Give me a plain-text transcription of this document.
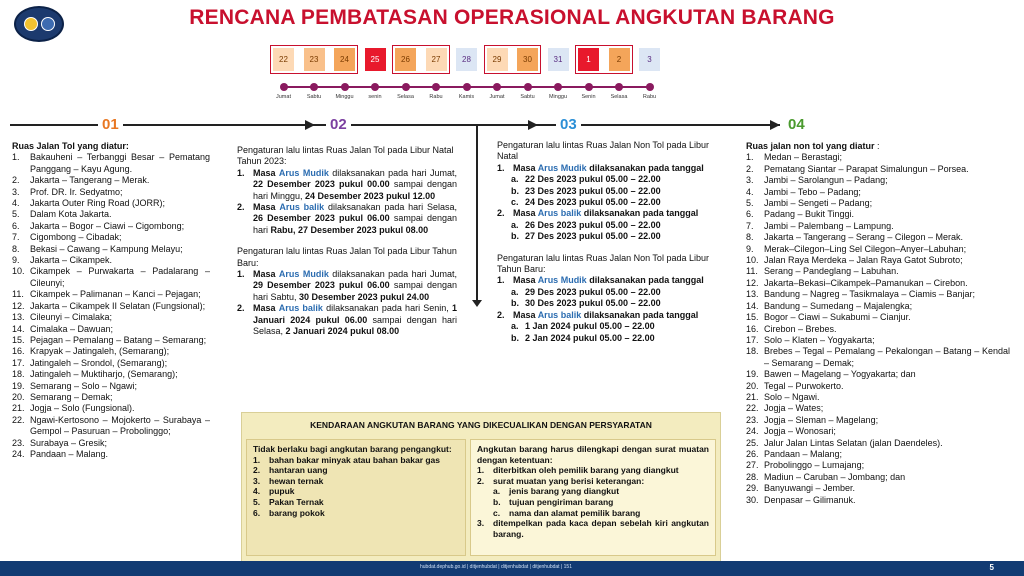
RENCANA PEMBATASAN OPERASIONAL ANGKUTAN BARANG
22	23	24	25	26	27	28	29	30	31	1	2	3
Jumat	Sabtu	Minggu	senin	Selasa	Rabu	Kamis	Jumat	Sabtu	Minggu	Senin	Selasa	Rabu
01	02	03	04
Ruas Jalan Tol yang diatur:
1.	Bakauheni – Terbanggi Besar – Pematang Panggang – Kayu Agung.
2.	Jakarta – Tangerang – Merak.
3.	Prof. DR. Ir. Sedyatmo;
4.	Jakarta Outer Ring Road (JORR);
5.	Dalam Kota Jakarta.
6.	Jakarta – Bogor – Ciawi – Cigombong;
7.	Cigombong – Cibadak;
8.	Bekasi – Cawang – Kampung Melayu;
9.	Jakarta – Cikampek.
10. Cikampek – Purwakarta – Padalarang – Cileunyi;
11. Cikampek – Palimanan – Kanci – Pejagan;
12. Jakarta – Cikampek II Selatan (Fungsional);
13. Cileunyi – Cimalaka;
14. Cimalaka – Dawuan;
15. Pejagan – Pemalang – Batang – Semarang;
16. Krapyak – Jatingaleh, (Semarang);
17. Jatingaleh – Srondol, (Semarang);
18. Jatingaleh – Muktiharjo, (Semarang);
19. Semarang – Solo – Ngawi;
20. Semarang – Demak;
21. Jogja – Solo (Fungsional).
22. Ngawi-Kertosono – Mojokerto – Surabaya – Gempol – Pasuruan – Probolinggo;
23. Surabaya – Gresik;
24. Pandaan – Malang.
Pengaturan lalu lintas Ruas Jalan Tol pada Libur Natal Tahun 2023:
1. Masa Arus Mudik dilaksanakan pada hari Jumat, 22 Desember 2023 pukul 00.00 sampai dengan hari Minggu, 24 Desember 2023 pukul 12.00
2. Masa Arus balik dilaksanakan pada hari Selasa, 26 Desember 2023 pukul 06.00 sampai dengan hari Rabu, 27 Desember 2023 pukul 08.00
Pengaturan lalu lintas Ruas Jalan Tol pada Libur Tahun Baru:
1. Masa Arus Mudik dilaksanakan pada hari Jumat, 29 Desember 2023 pukul 06.00 sampai dengan hari Sabtu, 30 Desember 2023 pukul 24.00
2. Masa Arus balik dilaksanakan pada hari Senin, 1 Januari 2024 pukul 06.00 sampai dengan hari Selasa, 2 Januari 2024 pukul 08.00
Pengaturan lalu lintas Ruas Jalan Non Tol pada Libur Natal
1. Masa Arus Mudik dilaksanakan pada tanggal
a. 22 Des 2023 pukul 05.00 – 22.00
b. 23 Des 2023 pukul 05.00 – 22.00
c. 24 Des 2023 pukul 05.00 – 22.00
2. Masa Arus balik dilaksanakan pada tanggal
a. 26 Des 2023 pukul 05.00 – 22.00
b. 27 Des 2023 pukul 05.00 – 22.00
Pengaturan lalu lintas Ruas Jalan Non Tol pada Libur Tahun Baru:
1. Masa Arus Mudik dilaksanakan pada tanggal
a. 29 Des 2023 pukul 05.00 – 22.00
b. 30 Des 2023 pukul 05.00 – 22.00
2. Masa Arus balik dilaksanakan pada tanggal
a. 1 Jan 2024 pukul 05.00 – 22.00
b. 2 Jan 2024 pukul 05.00 – 22.00
Ruas jalan non tol yang diatur :
1.	Medan – Berastagi;
2.	Pematang Siantar – Parapat Simalungun – Porsea.
3.	Jambi – Sarolangun – Padang;
4.	Jambi – Tebo – Padang;
5.	Jambi – Sengeti – Padang;
6.	Padang – Bukit Tinggi.
7.	Jambi – Palembang – Lampung.
8.	Jakarta – Tangerang – Serang – Cilegon – Merak.
9.	Merak–Cilegon–Ling Sel Cilegon–Anyer–Labuhan;
10. Jalan Raya Merdeka – Jalan Raya Gatot Subroto;
11. Serang – Pandeglang – Labuhan.
12. Jakarta–Bekasi–Cikampek–Pamanukan – Cirebon.
13. Bandung – Nagreg – Tasikmalaya – Ciamis – Banjar;
14. Bandung – Sumedang – Majalengka;
15. Bogor – Ciawi – Sukabumi – Cianjur.
16. Cirebon – Brebes.
17. Solo – Klaten – Yogyakarta;
18. Brebes – Tegal – Pemalang – Pekalongan – Batang – Kendal – Semarang – Demak;
19. Bawen – Magelang – Yogyakarta; dan
20. Tegal – Purwokerto.
21. Solo – Ngawi.
22. Jogja – Wates;
23. Jogja – Sleman – Magelang;
24. Jogja – Wonosari;
25. Jalur Jalan Lintas Selatan (jalan Daendeles).
26. Pandaan – Malang;
27. Probolinggo – Lumajang;
28. Madiun – Caruban – Jombang; dan
29. Banyuwangi – Jember.
30. Denpasar – Gilimanuk.
KENDARAAN ANGKUTAN BARANG YANG DIKECUALIKAN DENGAN PERSYARATAN
Tidak berlaku bagi angkutan barang pengangkut:
1.	bahan bakar minyak atau bahan bakar gas
2.	hantaran uang
3.	hewan ternak
4.	pupuk
5.	Pakan Ternak
6.	barang pokok
Angkutan barang harus dilengkapi dengan surat muatan dengan ketentuan:
1.	diterbitkan oleh pemilik barang yang diangkut
2.	surat muatan yang berisi keterangan:
a.	jenis barang yang diangkut
b. tujuan pengiriman barang
c.	nama dan alamat pemilik barang
3.	ditempelkan pada kaca depan sebelah kiri angkutan barang.
hubdat.dephub.go.id | ditjenhubdat | ditjenhubdat | ditjenhubdat | 151	5
